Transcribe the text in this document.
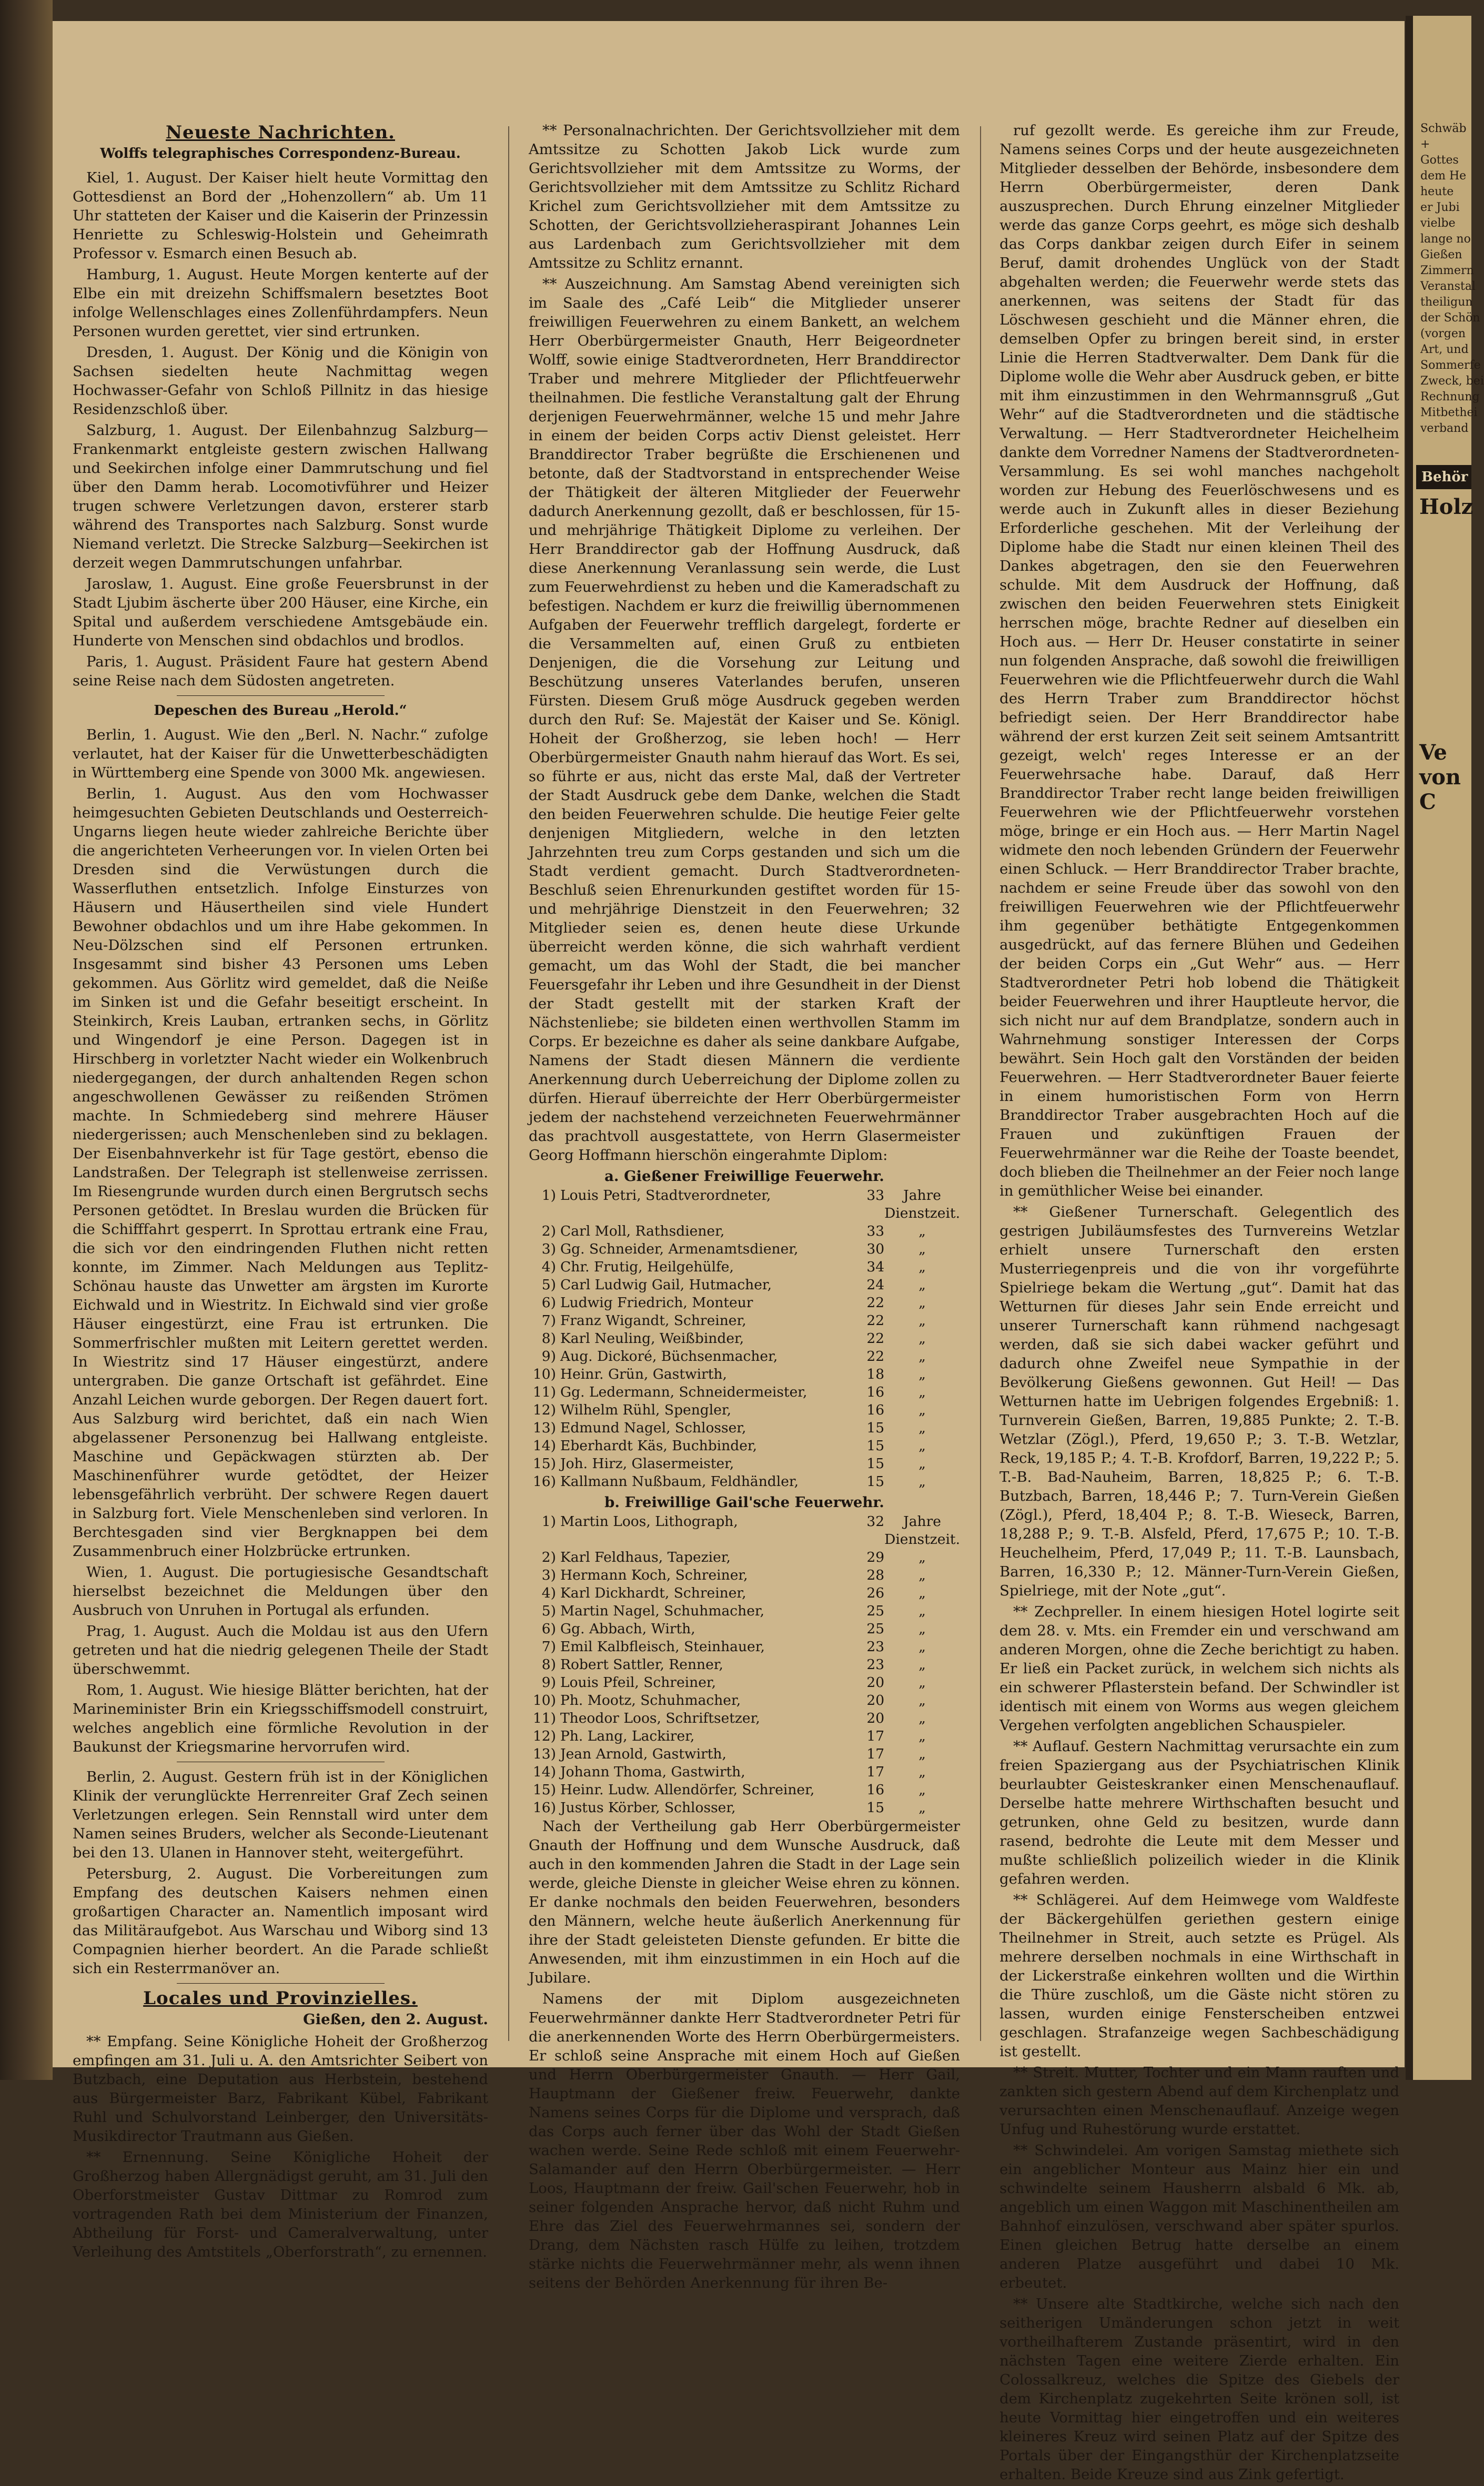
Neueste Nachrichten.
Wolffs telegraphisches Correspondenz-Bureau.

Kiel, 1. August. Der Kaiser hielt heute Vormittag den Gottesdienst an Bord der „Hohenzollern“ ab. Um 11 Uhr statteten der Kaiser und die Kaiserin der Prinzessin Henriette zu Schleswig-Holstein und Geheimrath Professor v. Esmarch einen Besuch ab.

Hamburg, 1. August. Heute Morgen kenterte auf der Elbe ein mit dreizehn Schiffsmalern besetztes Boot infolge Wellenschlages eines Zollenführdampfers. Neun Personen wurden gerettet, vier sind ertrunken.

Dresden, 1. August. Der König und die Königin von Sachsen siedelten heute Nachmittag wegen Hochwasser-Gefahr von Schloß Pillnitz in das hiesige Residenzschloß über.

Salzburg, 1. August. Der Eilenbahnzug Salzburg—Frankenmarkt entgleiste gestern zwischen Hallwang und Seekirchen infolge einer Dammrutschung und fiel über den Damm herab. Locomotivführer und Heizer trugen schwere Verletzungen davon, ersterer starb während des Transportes nach Salzburg. Sonst wurde Niemand verletzt. Die Strecke Salzburg—Seekirchen ist derzeit wegen Dammrutschungen unfahrbar.

Jaroslaw, 1. August. Eine große Feuersbrunst in der Stadt Ljubim äscherte über 200 Häuser, eine Kirche, ein Spital und außerdem verschiedene Amtsgebäude ein. Hunderte von Menschen sind obdachlos und brodlos.

Paris, 1. August. Präsident Faure hat gestern Abend seine Reise nach dem Südosten angetreten.

Depeschen des Bureau „Herold.“

Berlin, 1. August. Wie den „Berl. N. Nachr.“ zufolge verlautet, hat der Kaiser für die Unwetterbeschädigten in Württemberg eine Spende von 3000 Mk. angewiesen.

Berlin, 1. August. Aus den vom Hochwasser heimgesuchten Gebieten Deutschlands und Oesterreich-Ungarns liegen heute wieder zahlreiche Berichte über die angerichteten Verheerungen vor. In vielen Orten bei Dresden sind die Verwüstungen durch die Wasserfluthen entsetzlich. Infolge Einsturzes von Häusern und Häusertheilen sind viele Hundert Bewohner obdachlos und um ihre Habe gekommen. In Neu-Dölzschen sind elf Personen ertrunken. Insgesammt sind bisher 43 Personen ums Leben gekommen. Aus Görlitz wird gemeldet, daß die Neiße im Sinken ist und die Gefahr beseitigt erscheint. In Steinkirch, Kreis Lauban, ertranken sechs, in Görlitz und Wingendorf je eine Person. Dagegen ist in Hirschberg in vorletzter Nacht wieder ein Wolkenbruch niedergegangen, der durch anhaltenden Regen schon angeschwollenen Gewässer zu reißenden Strömen machte. In Schmiedeberg sind mehrere Häuser niedergerissen; auch Menschenleben sind zu beklagen. Der Eisenbahnverkehr ist für Tage gestört, ebenso die Landstraßen. Der Telegraph ist stellenweise zerrissen. Im Riesengrunde wurden durch einen Bergrutsch sechs Personen getödtet. In Breslau wurden die Brücken für die Schifffahrt gesperrt. In Sprottau ertrank eine Frau, die sich vor den eindringenden Fluthen nicht retten konnte, im Zimmer. Nach Meldungen aus Teplitz-Schönau hauste das Unwetter am ärgsten im Kurorte Eichwald und in Wiestritz. In Eichwald sind vier große Häuser eingestürzt, eine Frau ist ertrunken. Die Sommerfrischler mußten mit Leitern gerettet werden. In Wiestritz sind 17 Häuser eingestürzt, andere untergraben. Die ganze Ortschaft ist gefährdet. Eine Anzahl Leichen wurde geborgen. Der Regen dauert fort. Aus Salzburg wird berichtet, daß ein nach Wien abgelassener Personenzug bei Hallwang entgleiste. Maschine und Gepäckwagen stürzten ab. Der Maschinenführer wurde getödtet, der Heizer lebensgefährlich verbrüht. Der schwere Regen dauert in Salzburg fort. Viele Menschenleben sind verloren. In Berchtesgaden sind vier Bergknappen bei dem Zusammenbruch einer Holzbrücke ertrunken.

Wien, 1. August. Die portugiesische Gesandtschaft hierselbst bezeichnet die Meldungen über den Ausbruch von Unruhen in Portugal als erfunden.

Prag, 1. August. Auch die Moldau ist aus den Ufern getreten und hat die niedrig gelegenen Theile der Stadt überschwemmt.

Rom, 1. August. Wie hiesige Blätter berichten, hat der Marineminister Brin ein Kriegsschiffsmodell construirt, welches angeblich eine förmliche Revolution in der Baukunst der Kriegsmarine hervorrufen wird.

Berlin, 2. August. Gestern früh ist in der Königlichen Klinik der verunglückte Herrenreiter Graf Zech seinen Verletzungen erlegen. Sein Rennstall wird unter dem Namen seines Bruders, welcher als Seconde-Lieutenant bei den 13. Ulanen in Hannover steht, weitergeführt.

Petersburg, 2. August. Die Vorbereitungen zum Empfang des deutschen Kaisers nehmen einen großartigen Character an. Namentlich imposant wird das Militäraufgebot. Aus Warschau und Wiborg sind 13 Compagnien hierher beordert. An die Parade schließt sich ein Resterrmanöver an.

Locales und Provinzielles.
Gießen, den 2. August.

** Empfang. Seine Königliche Hoheit der Großherzog empfingen am 31. Juli u. A. den Amtsrichter Seibert von Butzbach, eine Deputation aus Herbstein, bestehend aus Bürgermeister Barz, Fabrikant Kübel, Fabrikant Ruhl und Schulvorstand Leinberger, den Universitäts-Musikdirector Trautmann aus Gießen.

** Ernennung. Seine Königliche Hoheit der Großherzog haben Allergnädigst geruht, am 31. Juli den Oberforstmeister Gustav Dittmar zu Romrod zum vortragenden Rath bei dem Ministerium der Finanzen, Abtheilung für Forst- und Cameralverwaltung, unter Verleihung des Amtstitels „Oberforstrath“, zu ernennen.

** Personalnachrichten. Der Gerichtsvollzieher mit dem Amtssitze zu Schotten Jakob Lick wurde zum Gerichtsvollzieher mit dem Amtssitze zu Worms, der Gerichtsvollzieher mit dem Amtssitze zu Schlitz Richard Krichel zum Gerichtsvollzieher mit dem Amtssitze zu Schotten, der Gerichtsvollzieheraspirant Johannes Lein aus Lardenbach zum Gerichtsvollzieher mit dem Amtssitze zu Schlitz ernannt.

** Auszeichnung. Am Samstag Abend vereinigten sich im Saale des „Café Leib“ die Mitglieder unserer freiwilligen Feuerwehren zu einem Bankett, an welchem Herr Oberbürgermeister Gnauth, Herr Beigeordneter Wolff, sowie einige Stadtverordneten, Herr Branddirector Traber und mehrere Mitglieder der Pflichtfeuerwehr theilnahmen. Die festliche Veranstaltung galt der Ehrung derjenigen Feuerwehrmänner, welche 15 und mehr Jahre in einem der beiden Corps activ Dienst geleistet. Herr Branddirector Traber begrüßte die Erschienenen und betonte, daß der Stadtvorstand in entsprechender Weise der Thätigkeit der älteren Mitglieder der Feuerwehr dadurch Anerkennung gezollt, daß er beschlossen, für 15- und mehrjährige Thätigkeit Diplome zu verleihen. Der Herr Branddirector gab der Hoffnung Ausdruck, daß diese Anerkennung Veranlassung sein werde, die Lust zum Feuerwehrdienst zu heben und die Kameradschaft zu befestigen. Nachdem er kurz die freiwillig übernommenen Aufgaben der Feuerwehr trefflich dargelegt, forderte er die Versammelten auf, einen Gruß zu entbieten Denjenigen, die die Vorsehung zur Leitung und Beschützung unseres Vaterlandes berufen, unseren Fürsten. Diesem Gruß möge Ausdruck gegeben werden durch den Ruf: Se. Majestät der Kaiser und Se. Königl. Hoheit der Großherzog, sie leben hoch! — Herr Oberbürgermeister Gnauth nahm hierauf das Wort. Es sei, so führte er aus, nicht das erste Mal, daß der Vertreter der Stadt Ausdruck gebe dem Danke, welchen die Stadt den beiden Feuerwehren schulde. Die heutige Feier gelte denjenigen Mitgliedern, welche in den letzten Jahrzehnten treu zum Corps gestanden und sich um die Stadt verdient gemacht. Durch Stadtverordneten-Beschluß seien Ehrenurkunden gestiftet worden für 15- und mehrjährige Dienstzeit in den Feuerwehren; 32 Mitglieder seien es, denen heute diese Urkunde überreicht werden könne, die sich wahrhaft verdient gemacht, um das Wohl der Stadt, die bei mancher Feuersgefahr ihr Leben und ihre Gesundheit in der Dienst der Stadt gestellt mit der starken Kraft der Nächstenliebe; sie bildeten einen werthvollen Stamm im Corps. Er bezeichne es daher als seine dankbare Aufgabe, Namens der Stadt diesen Männern die verdiente Anerkennung durch Ueberreichung der Diplome zollen zu dürfen. Hierauf überreichte der Herr Oberbürgermeister jedem der nachstehend verzeichneten Feuerwehrmänner das prachtvoll ausgestattete, von Herrn Glasermeister Georg Hoffmann hierschön eingerahmte Diplom:

a. Gießener Freiwillige Feuerwehr.
1)	Louis Petri, Stadtverordneter,	33	Jahre Dienstzeit.
2)	Carl Moll, Rathsdiener,	33	„
3)	Gg. Schneider, Armenamtsdiener,	30	„
4)	Chr. Frutig, Heilgehülfe,	34	„
5)	Carl Ludwig Gail, Hutmacher,	24	„
6)	Ludwig Friedrich, Monteur	22	„
7)	Franz Wigandt, Schreiner,	22	„
8)	Karl Neuling, Weißbinder,	22	„
9)	Aug. Dickoré, Büchsenmacher,	22	„
10)	Heinr. Grün, Gastwirth,	18	„
11)	Gg. Ledermann, Schneidermeister,	16	„
12)	Wilhelm Rühl, Spengler,	16	„
13)	Edmund Nagel, Schlosser,	15	„
14)	Eberhardt Käs, Buchbinder,	15	„
15)	Joh. Hirz, Glasermeister,	15	„
16)	Kallmann Nußbaum, Feldhändler,	15	„
b. Freiwillige Gail'sche Feuerwehr.
1)	Martin Loos, Lithograph,	32	Jahre Dienstzeit.
2)	Karl Feldhaus, Tapezier,	29	„
3)	Hermann Koch, Schreiner,	28	„
4)	Karl Dickhardt, Schreiner,	26	„
5)	Martin Nagel, Schuhmacher,	25	„
6)	Gg. Abbach, Wirth,	25	„
7)	Emil Kalbfleisch, Steinhauer,	23	„
8)	Robert Sattler, Renner,	23	„
9)	Louis Pfeil, Schreiner,	20	„
10)	Ph. Mootz, Schuhmacher,	20	„
11)	Theodor Loos, Schriftsetzer,	20	„
12)	Ph. Lang, Lackirer,	17	„
13)	Jean Arnold, Gastwirth,	17	„
14)	Johann Thoma, Gastwirth,	17	„
15)	Heinr. Ludw. Allendörfer, Schreiner,	16	„
16)	Justus Körber, Schlosser,	15	„

Nach der Vertheilung gab Herr Oberbürgermeister Gnauth der Hoffnung und dem Wunsche Ausdruck, daß auch in den kommenden Jahren die Stadt in der Lage sein werde, gleiche Dienste in gleicher Weise ehren zu können. Er danke nochmals den beiden Feuerwehren, besonders den Männern, welche heute äußerlich Anerkennung für ihre der Stadt geleisteten Dienste gefunden. Er bitte die Anwesenden, mit ihm einzustimmen in ein Hoch auf die Jubilare.

Namens der mit Diplom ausgezeichneten Feuerwehrmänner dankte Herr Stadtverordneter Petri für die anerkennenden Worte des Herrn Oberbürgermeisters. Er schloß seine Ansprache mit einem Hoch auf Gießen und Herrn Oberbürgermeister Gnauth. — Herr Gail, Hauptmann der Gießener freiw. Feuerwehr, dankte Namens seines Corps für die Diplome und versprach, daß das Corps auch ferner über das Wohl der Stadt Gießen wachen werde. Seine Rede schloß mit einem Feuerwehr-Salamander auf den Herrn Oberbürgermeister. — Herr Loos, Hauptmann der freiw. Gail'schen Feuerwehr, hob in seiner folgenden Ansprache hervor, daß nicht Ruhm und Ehre das Ziel des Feuerwehrmannes sei, sondern der Drang, dem Nächsten rasch Hülfe zu leihen, trotzdem stärke nichts die Feuerwehrmänner mehr, als wenn ihnen seitens der Behörden Anerkennung für ihren Be-

ruf gezollt werde. Es gereiche ihm zur Freude, Namens seines Corps und der heute ausgezeichneten Mitglieder desselben der Behörde, insbesondere dem Herrn Oberbürgermeister, deren Dank auszusprechen. Durch Ehrung einzelner Mitglieder werde das ganze Corps geehrt, es möge sich deshalb das Corps dankbar zeigen durch Eifer in seinem Beruf, damit drohendes Unglück von der Stadt abgehalten werden; die Feuerwehr werde stets das anerkennen, was seitens der Stadt für das Löschwesen geschieht und die Männer ehren, die demselben Opfer zu bringen bereit sind, in erster Linie die Herren Stadtverwalter. Dem Dank für die Diplome wolle die Wehr aber Ausdruck geben, er bitte mit ihm einzustimmen in den Wehrmannsgruß „Gut Wehr“ auf die Stadtverordneten und die städtische Verwaltung. — Herr Stadtverordneter Heichelheim dankte dem Vorredner Namens der Stadtverordneten-Versammlung. Es sei wohl manches nachgeholt worden zur Hebung des Feuerlöschwesens und es werde auch in Zukunft alles in dieser Beziehung Erforderliche geschehen. Mit der Verleihung der Diplome habe die Stadt nur einen kleinen Theil des Dankes abgetragen, den sie den Feuerwehren schulde. Mit dem Ausdruck der Hoffnung, daß zwischen den beiden Feuerwehren stets Einigkeit herrschen möge, brachte Redner auf dieselben ein Hoch aus. — Herr Dr. Heuser constatirte in seiner nun folgenden Ansprache, daß sowohl die freiwilligen Feuerwehren wie die Pflichtfeuerwehr durch die Wahl des Herrn Traber zum Branddirector höchst befriedigt seien. Der Herr Branddirector habe während der erst kurzen Zeit seit seinem Amtsantritt gezeigt, welch' reges Interesse er an der Feuerwehrsache habe. Darauf, daß Herr Branddirector Traber recht lange beiden freiwilligen Feuerwehren wie der Pflichtfeuerwehr vorstehen möge, bringe er ein Hoch aus. — Herr Martin Nagel widmete den noch lebenden Gründern der Feuerwehr einen Schluck. — Herr Branddirector Traber brachte, nachdem er seine Freude über das sowohl von den freiwilligen Feuerwehren wie der Pflichtfeuerwehr ihm gegenüber bethätigte Entgegenkommen ausgedrückt, auf das fernere Blühen und Gedeihen der beiden Corps ein „Gut Wehr“ aus. — Herr Stadtverordneter Petri hob lobend die Thätigkeit beider Feuerwehren und ihrer Hauptleute hervor, die sich nicht nur auf dem Brandplatze, sondern auch in Wahrnehmung sonstiger Interessen der Corps bewährt. Sein Hoch galt den Vorständen der beiden Feuerwehren. — Herr Stadtverordneter Bauer feierte in einem humoristischen Form von Herrn Branddirector Traber ausgebrachten Hoch auf die Frauen und zukünftigen Frauen der Feuerwehrmänner war die Reihe der Toaste beendet, doch blieben die Theilnehmer an der Feier noch lange in gemüthlicher Weise bei einander.

** Gießener Turnerschaft. Gelegentlich des gestrigen Jubiläumsfestes des Turnvereins Wetzlar erhielt unsere Turnerschaft den ersten Musterriegenpreis und die von ihr vorgeführte Spielriege bekam die Wertung „gut“. Damit hat das Wetturnen für dieses Jahr sein Ende erreicht und unserer Turnerschaft kann rühmend nachgesagt werden, daß sie sich dabei wacker geführt und dadurch ohne Zweifel neue Sympathie in der Bevölkerung Gießens gewonnen. Gut Heil! — Das Wetturnen hatte im Uebrigen folgendes Ergebniß: 1. Turnverein Gießen, Barren, 19,885 Punkte; 2. T.-B. Wetzlar (Zögl.), Pferd, 19,650 P.; 3. T.-B. Wetzlar, Reck, 19,185 P.; 4. T.-B. Krofdorf, Barren, 19,222 P.; 5. T.-B. Bad-Nauheim, Barren, 18,825 P.; 6. T.-B. Butzbach, Barren, 18,446 P.; 7. Turn-Verein Gießen (Zögl.), Pferd, 18,404 P.; 8. T.-B. Wieseck, Barren, 18,288 P.; 9. T.-B. Alsfeld, Pferd, 17,675 P.; 10. T.-B. Heuchelheim, Pferd, 17,049 P.; 11. T.-B. Launsbach, Barren, 16,330 P.; 12. Männer-Turn-Verein Gießen, Spielriege, mit der Note „gut“.

** Zechpreller. In einem hiesigen Hotel logirte seit dem 28. v. Mts. ein Fremder ein und verschwand am anderen Morgen, ohne die Zeche berichtigt zu haben. Er ließ ein Packet zurück, in welchem sich nichts als ein schwerer Pflasterstein befand. Der Schwindler ist identisch mit einem von Worms aus wegen gleichem Vergehen verfolgten angeblichen Schauspieler.

** Auflauf. Gestern Nachmittag verursachte ein zum freien Spaziergang aus der Psychiatrischen Klinik beurlaubter Geisteskranker einen Menschenauflauf. Derselbe hatte mehrere Wirthschaften besucht und getrunken, ohne Geld zu besitzen, wurde dann rasend, bedrohte die Leute mit dem Messer und mußte schließlich polizeilich wieder in die Klinik gefahren werden.

** Schlägerei. Auf dem Heimwege vom Waldfeste der Bäckergehülfen geriethen gestern einige Theilnehmer in Streit, auch setzte es Prügel. Als mehrere derselben nochmals in eine Wirthschaft in der Lickerstraße einkehren wollten und die Wirthin die Thüre zuschloß, um die Gäste nicht stören zu lassen, wurden einige Fensterscheiben entzwei geschlagen. Strafanzeige wegen Sachbeschädigung ist gestellt.

** Streit. Mutter, Tochter und ein Mann rauften und zankten sich gestern Abend auf dem Kirchenplatz und verursachten einen Menschenauflauf. Anzeige wegen Unfug und Ruhestörung wurde erstattet.

** Schwindelei. Am vorigen Samstag miethete sich ein angeblicher Monteur aus Mainz hier ein und schwindelte seinem Hausherrn alsbald 6 Mk. ab, angeblich um einen Waggon mit Maschinentheilen am Bahnhof einzulösen, verschwand aber später spurlos. Einen gleichen Betrug hatte derselbe an einem anderen Platze ausgeführt und dabei 10 Mk. erbeutet.

** Unsere alte Stadtkirche, welche sich nach den seitherigen Umänderungen schon jetzt in weit vortheilhafterem Zustande präsentirt, wird in den nächsten Tagen eine weitere Zierde erhalten. Ein Colossalkreuz, welches die Spitze des Giebels der dem Kirchenplatz zugekehrten Seite krönen soll, ist heute Vormittag hier eingetroffen und ein weiteres kleineres Kreuz wird seinen Platz auf der Spitze des Portals über der Eingangsthür der Kirchenplatzseite erhalten. Beide Kreuze sind aus Zink gefertigt.

Schwäb
+
Gottes
dem He
heute
er Jubi
vielbe
lange no
Gießen
Zimmern
Veranstal
theiligun
der Schön
(vorgen
Art, und
Sommerfe
Zweck, bei
Rechnung
Mitbethei
verband
Behör
Holz
Ve
von C
